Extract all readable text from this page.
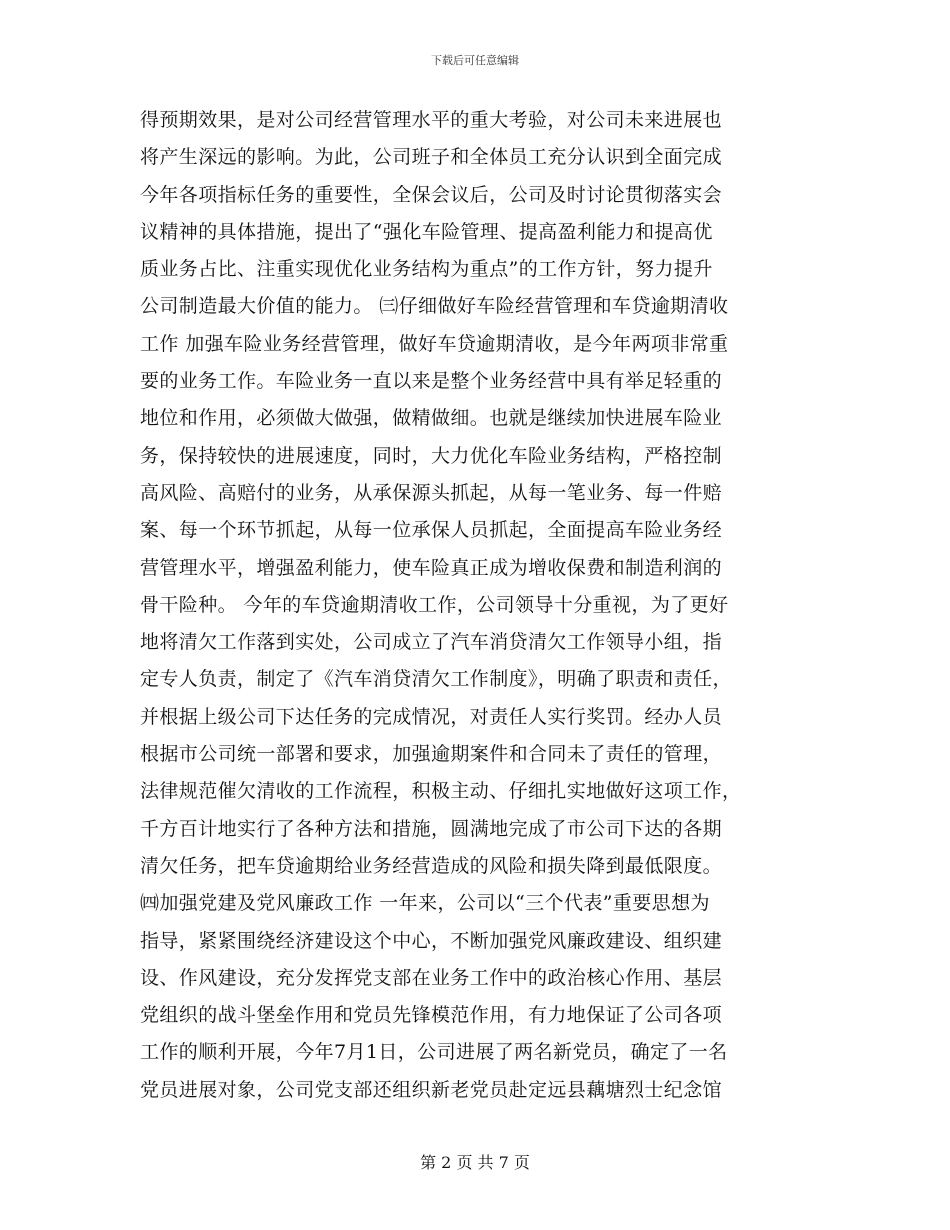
下载后可任意编辑
得预期效果，是对公司经营管理水平的重大考验，对公司未来进展也
将产生深远的影响。为此，公司班子和全体员工充分认识到全面完成
今年各项指标任务的重要性，全保会议后，公司及时讨论贯彻落实会
议精神的具体措施，提出了“强化车险管理、提高盈利能力和提高优
质业务占比、注重实现优化业务结构为重点”的工作方针，努力提升
公司制造最大价值的能力。 ㈢仔细做好车险经营管理和车贷逾期清收
工作 加强车险业务经营管理，做好车贷逾期清收，是今年两项非常重
要的业务工作。车险业务一直以来是整个业务经营中具有举足轻重的
地位和作用，必须做大做强，做精做细。也就是继续加快进展车险业
务，保持较快的进展速度，同时，大力优化车险业务结构，严格控制
高风险、高赔付的业务，从承保源头抓起，从每一笔业务、每一件赔
案、每一个环节抓起，从每一位承保人员抓起，全面提高车险业务经
营管理水平，增强盈利能力，使车险真正成为增收保费和制造利润的
骨干险种。 今年的车贷逾期清收工作，公司领导十分重视，为了更好
地将清欠工作落到实处，公司成立了汽车消贷清欠工作领导小组，指
定专人负责，制定了《汽车消贷清欠工作制度》，明确了职责和责任，
并根据上级公司下达任务的完成情况，对责任人实行奖罚。经办人员
根据市公司统一部署和要求，加强逾期案件和合同未了责任的管理，
法律规范催欠清收的工作流程，积极主动、仔细扎实地做好这项工作，
千方百计地实行了各种方法和措施，圆满地完成了市公司下达的各期
清欠任务，把车贷逾期给业务经营造成的风险和损失降到最低限度。
㈣加强党建及党风廉政工作 一年来，公司以“三个代表”重要思想为
指导，紧紧围绕经济建设这个中心，不断加强党风廉政建设、组织建
设、作风建设，充分发挥党支部在业务工作中的政治核心作用、基层
党组织的战斗堡垒作用和党员先锋模范作用，有力地保证了公司各项
工作的顺利开展，今年7月1日，公司进展了两名新党员，确定了一名
党员进展对象，公司党支部还组织新老党员赴定远县藕塘烈士纪念馆
第 2 页 共 7 页
